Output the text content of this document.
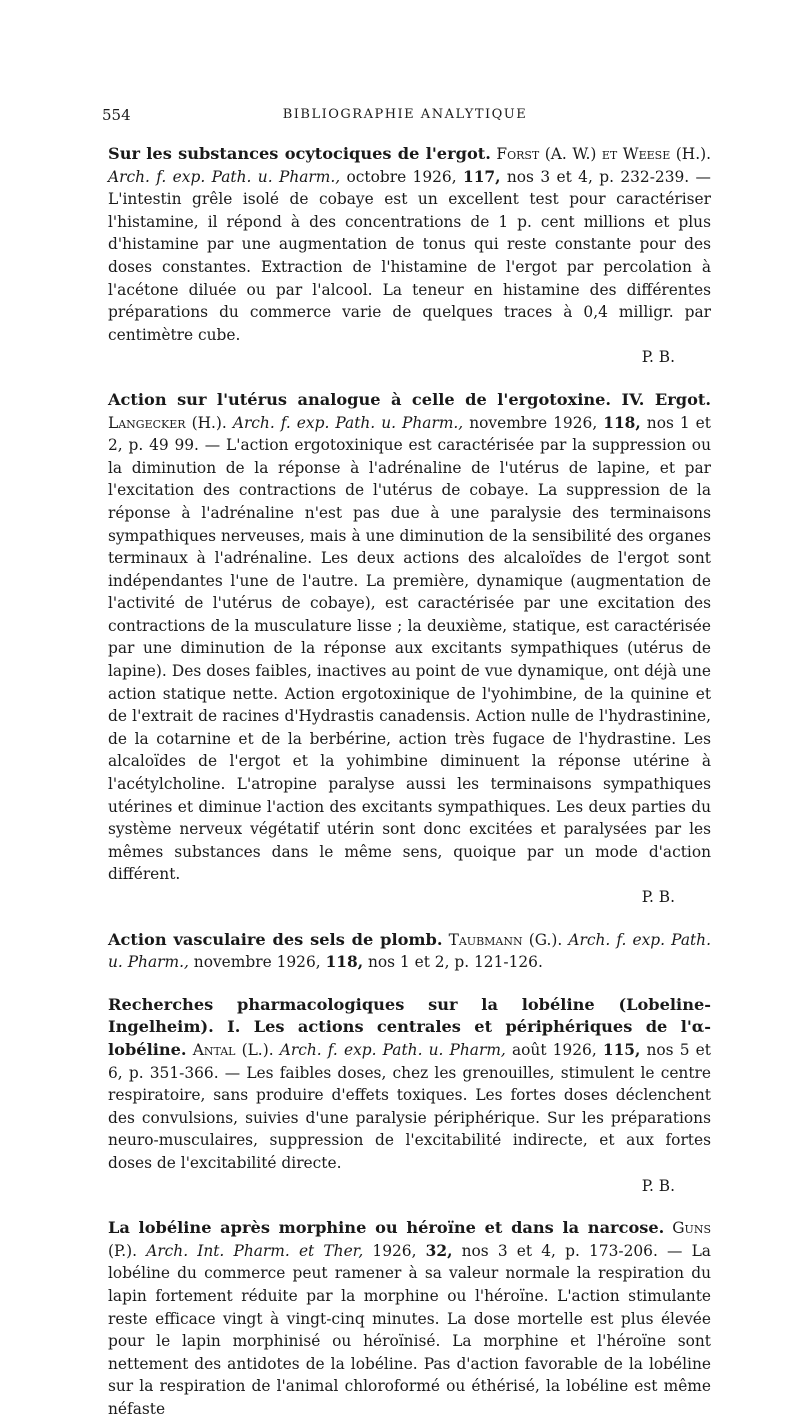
554	BIBLIOGRAPHIE ANALYTIQUE

Sur les substances ocytociques de l'ergot. Forst (A. W.) et Weese (H.). Arch. f. exp. Path. u. Pharm., octobre 1926, 117, nos 3 et 4, p. 232-239. — L'intestin grêle isolé de cobaye est un excellent test pour caractériser l'histamine, il répond à des concentrations de 1 p. cent millions et plus d'histamine par une augmentation de tonus qui reste constante pour des doses constantes. Extraction de l'histamine de l'ergot par percolation à l'acétone diluée ou par l'alcool. La teneur en histamine des différentes préparations du commerce varie de quelques traces à 0,4 milligr. par centimètre cube.

P. B.

Action sur l'utérus analogue à celle de l'ergotoxine. IV. Ergot. Langecker (H.). Arch. f. exp. Path. u. Pharm., novembre 1926, 118, nos 1 et 2, p. 49 99. — L'action ergotoxinique est caractérisée par la suppression ou la diminution de la réponse à l'adrénaline de l'utérus de lapine, et par l'excitation des contractions de l'utérus de cobaye. La suppression de la réponse à l'adrénaline n'est pas due à une paralysie des terminaisons sympathiques nerveuses, mais à une diminution de la sensibilité des organes terminaux à l'adrénaline. Les deux actions des alcaloïdes de l'ergot sont indépendantes l'une de l'autre. La première, dynamique (augmentation de l'activité de l'utérus de cobaye), est caractérisée par une excitation des contractions de la musculature lisse ; la deuxième, statique, est caractérisée par une diminution de la réponse aux excitants sympathiques (utérus de lapine). Des doses faibles, inactives au point de vue dynamique, ont déjà une action statique nette. Action ergotoxinique de l'yohimbine, de la quinine et de l'extrait de racines d'Hydrastis canadensis. Action nulle de l'hydrastinine, de la cotarnine et de la berbérine, action très fugace de l'hydrastine. Les alcaloïdes de l'ergot et la yohimbine diminuent la réponse utérine à l'acétylcholine. L'atropine paralyse aussi les terminaisons sympathiques utérines et diminue l'action des excitants sympathiques. Les deux parties du système nerveux végétatif utérin sont donc excitées et paralysées par les mêmes substances dans le même sens, quoique par un mode d'action différent.

P. B.

Action vasculaire des sels de plomb. Taubmann (G.). Arch. f. exp. Path. u. Pharm., novembre 1926, 118, nos 1 et 2, p. 121-126.

Recherches pharmacologiques sur la lobéline (Lobeline-Ingelheim). I. Les actions centrales et périphériques de l'α-lobéline. Antal (L.). Arch. f. exp. Path. u. Pharm, août 1926, 115, nos 5 et 6, p. 351-366. — Les faibles doses, chez les grenouilles, stimulent le centre respiratoire, sans produire d'effets toxiques. Les fortes doses déclenchent des convulsions, suivies d'une paralysie périphérique. Sur les préparations neuro-musculaires, suppression de l'excitabilité indirecte, et aux fortes doses de l'excitabilité directe.

P. B.

La lobéline après morphine ou héroïne et dans la narcose. Guns (P.). Arch. Int. Pharm. et Ther, 1926, 32, nos 3 et 4, p. 173-206. — La lobéline du commerce peut ramener à sa valeur normale la respiration du lapin fortement réduite par la morphine ou l'héroïne. L'action stimulante reste efficace vingt à vingt-cinq minutes. La dose mortelle est plus élevée pour le lapin morphinisé ou héroïnisé. La morphine et l'héroïne sont nettement des antidotes de la lobéline. Pas d'action favorable de la lobéline sur la respiration de l'animal chloroformé ou éthérisé, la lobéline est même néfaste
